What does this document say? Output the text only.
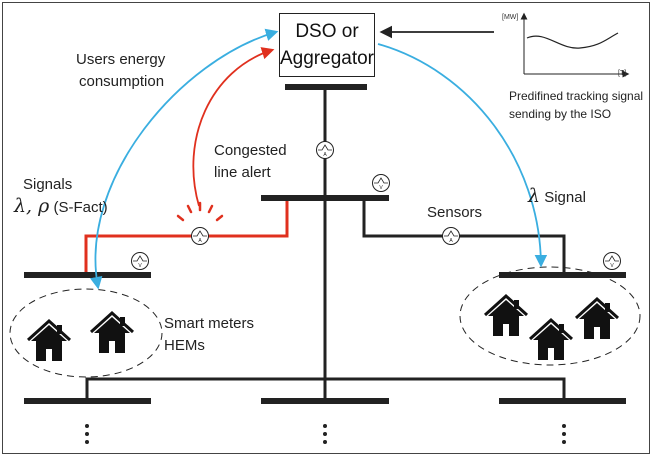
A
V
A	A
V	V
DSO or
Aggregator
Users energy
consumption
Congested
line alert
Signals
λ, ρ (S-Fact)
Smart meters
HEMs
Sensors
λ Signal
Predifined tracking signal
sending by the ISO
[MW]
[T]
